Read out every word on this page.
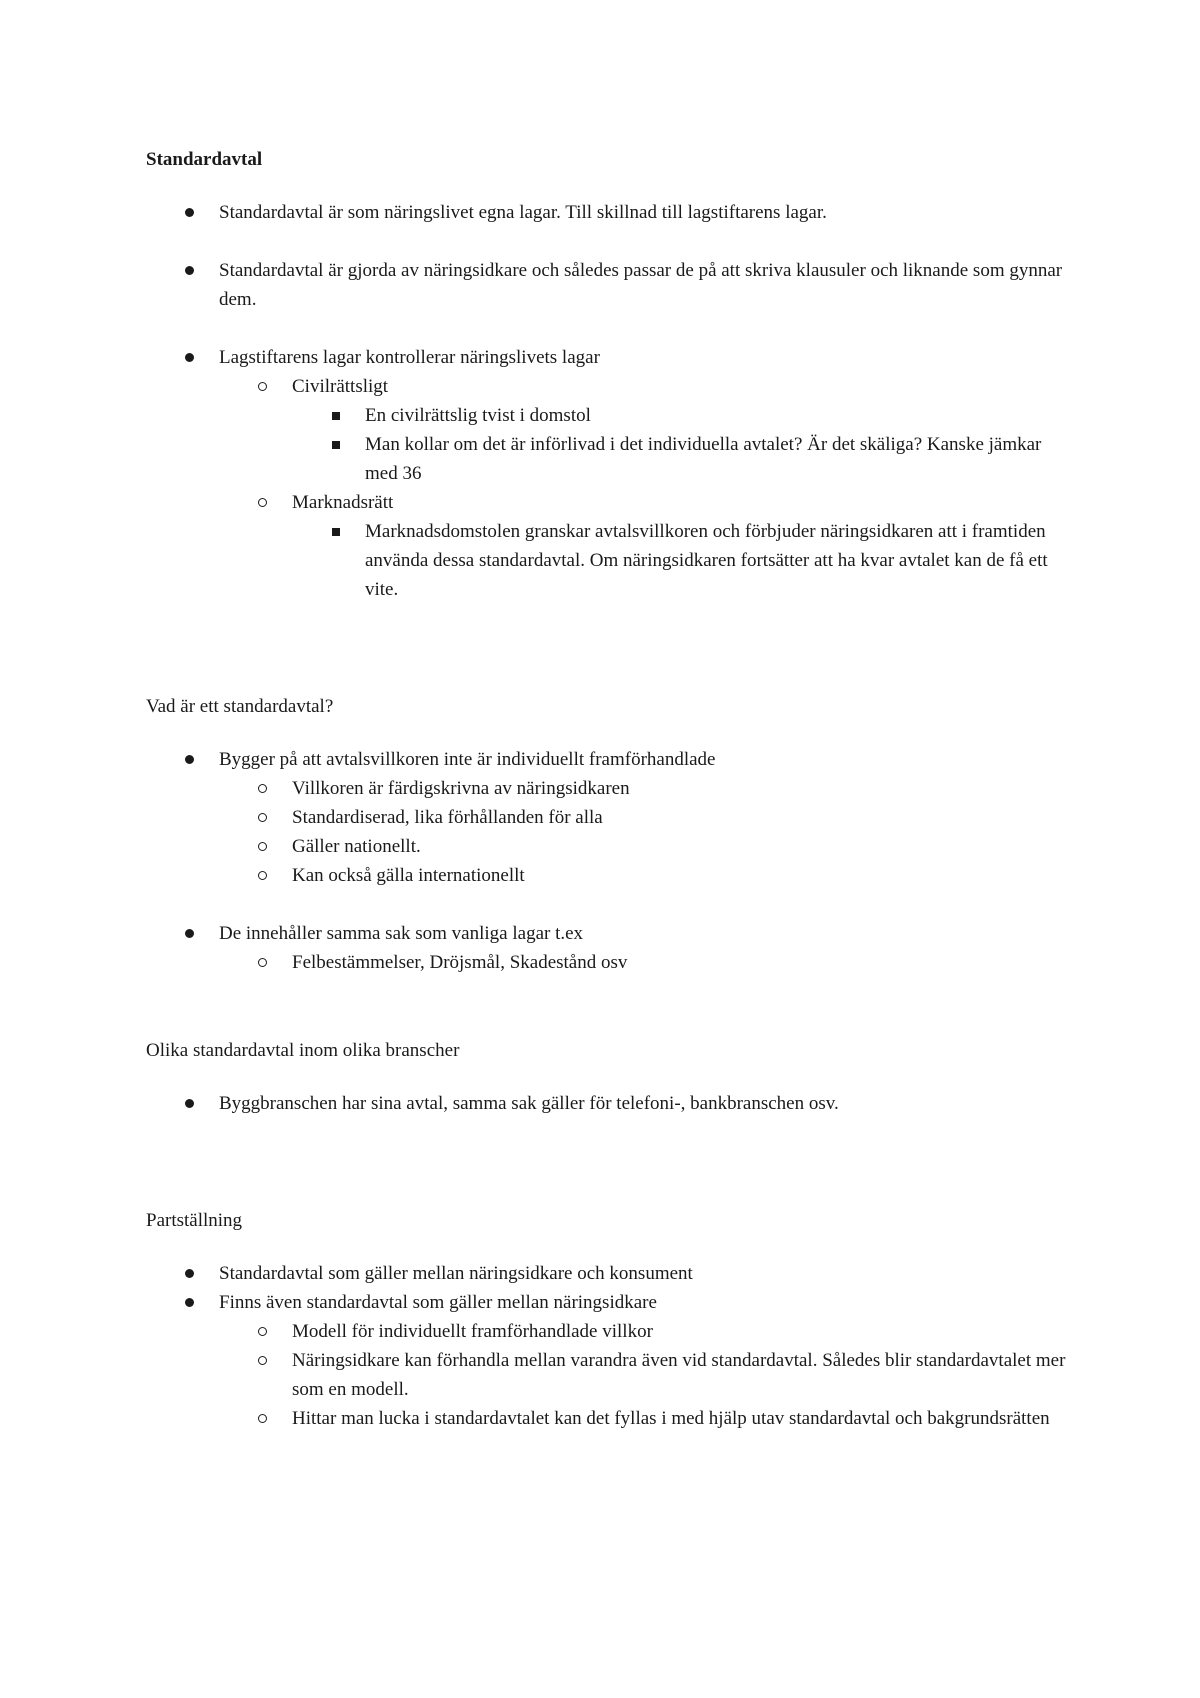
Standardavtal
Standardavtal är som näringslivet egna lagar. Till skillnad till lagstiftarens lagar.
Standardavtal är gjorda av näringsidkare och således passar de på att skriva klausuler och liknande som gynnar dem.
Lagstiftarens lagar kontrollerar näringslivets lagar
Civilrättsligt
En civilrättslig tvist i domstol
Man kollar om det är införlivad i det individuella avtalet? Är det skäliga? Kanske jämkar med 36
Marknadsrätt
Marknadsdomstolen granskar avtalsvillkoren och förbjuder näringsidkaren att i framtiden använda dessa standardavtal. Om näringsidkaren fortsätter att ha kvar avtalet kan de få ett vite.
Vad är ett standardavtal?
Bygger på att avtalsvillkoren inte är individuellt framförhandlade
Villkoren är färdigskrivna av näringsidkaren
Standardiserad, lika förhållanden för alla
Gäller nationellt.
Kan också gälla internationellt
De innehåller samma sak som vanliga lagar t.ex
Felbestämmelser, Dröjsmål, Skadestånd osv
Olika standardavtal inom olika branscher
Byggbranschen har sina avtal, samma sak gäller för telefoni-, bankbranschen osv.
Partställning
Standardavtal som gäller mellan näringsidkare och konsument
Finns även standardavtal som gäller mellan näringsidkare
Modell för individuellt framförhandlade villkor
Näringsidkare kan förhandla mellan varandra även vid standardavtal. Således blir standardavtalet mer som en modell.
Hittar man lucka i standardavtalet kan det fyllas i med hjälp utav standardavtal och bakgrundsrätten
